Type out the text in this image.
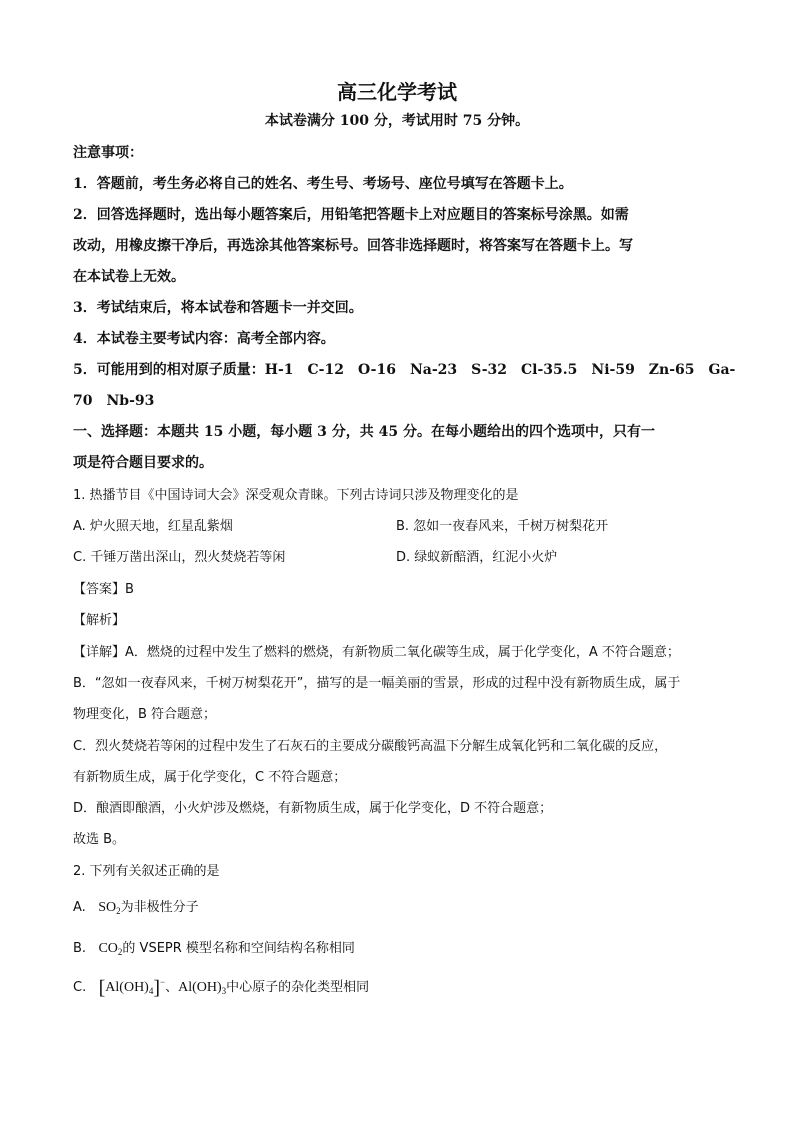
高三化学考试
本试卷满分 100 分，考试用时 75 分钟。
注意事项：
1．答题前，考生务必将自己的姓名、考生号、考场号、座位号填写在答题卡上。
2．回答选择题时，选出每小题答案后，用铅笔把答题卡上对应题目的答案标号涂黑。如需
改动，用橡皮擦干净后，再选涂其他答案标号。回答非选择题时，将答案写在答题卡上。写
在本试卷上无效。
3．考试结束后，将本试卷和答题卡一并交回。
4．本试卷主要考试内容：高考全部内容。
5．可能用到的相对原子质量：H-1　C-12　O-16　Na-23　S-32　Cl-35.5　Ni-59　Zn-65　Ga-
70　Nb-93
一、选择题：本题共 15 小题，每小题 3 分，共 45 分。在每小题给出的四个选项中，只有一
项是符合题目要求的。
1. 热播节目《中国诗词大会》深受观众青睐。下列古诗词只涉及物理变化的是
A. 炉火照天地，红星乱紫烟	B. 忽如一夜春风来，千树万树梨花开
C. 千锤万凿出深山，烈火焚烧若等闲	D. 绿蚁新醅酒，红泥小火炉
【答案】B
【解析】
【详解】A．燃烧的过程中发生了燃料的燃烧，有新物质二氧化碳等生成，属于化学变化，A 不符合题意；
B．“忽如一夜春风来，千树万树梨花开”，描写的是一幅美丽的雪景，形成的过程中没有新物质生成，属于
物理变化，B 符合题意；
C．烈火焚烧若等闲的过程中发生了石灰石的主要成分碳酸钙高温下分解生成氧化钙和二氧化碳的反应，
有新物质生成，属于化学变化，C 不符合题意；
D．酿酒即酿酒，小火炉涉及燃烧，有新物质生成，属于化学变化，D 不符合题意；
故选 B。
2. 下列有关叙述正确的是
A. $SO_2$为非极性分子
B. $CO_2$的 VSEPR 模型名称和空间结构名称相同
C. $[Al(OH)_4]^-$、$Al(OH)_3$中心原子的杂化类型相同
